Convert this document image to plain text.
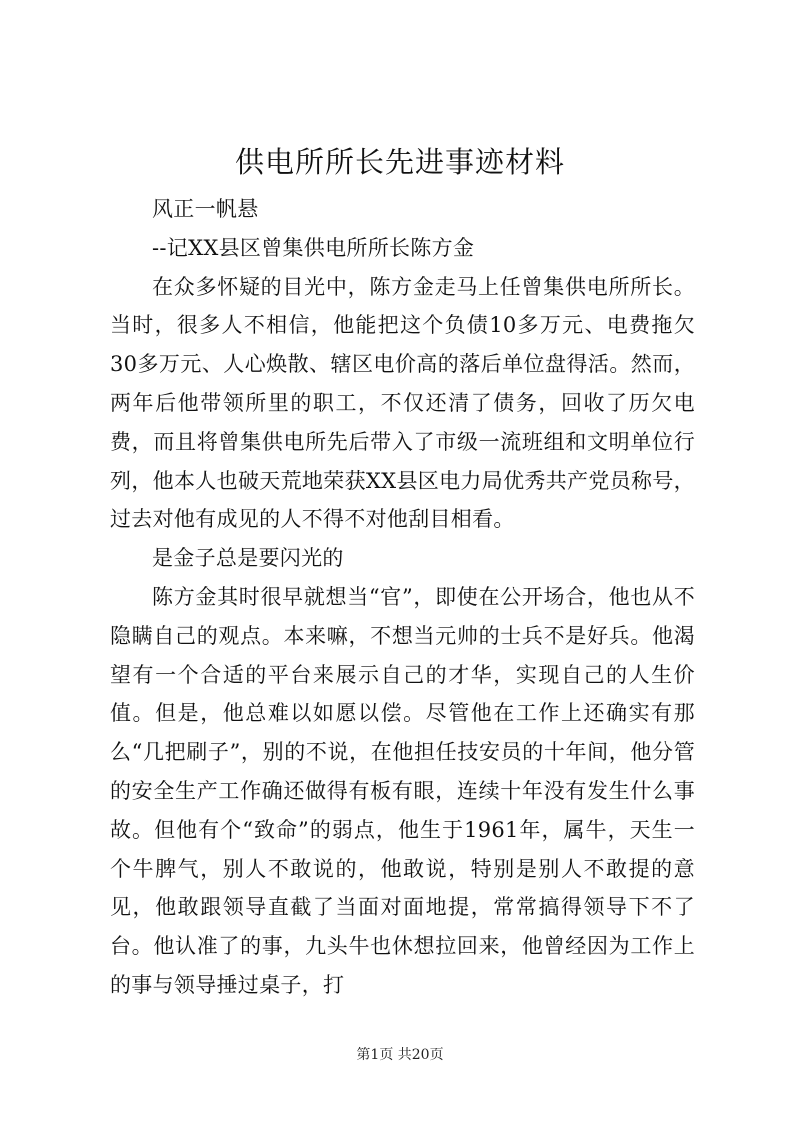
供电所所长先进事迹材料

风正一帆悬

--记XX县区曾集供电所所长陈方金

在众多怀疑的目光中，陈方金走马上任曾集供电所所长。当时，很多人不相信，他能把这个负债10多万元、电费拖欠30多万元、人心焕散、辖区电价高的落后单位盘得活。然而，两年后他带领所里的职工，不仅还清了债务，回收了历欠电费，而且将曾集供电所先后带入了市级一流班组和文明单位行列，他本人也破天荒地荣获XX县区电力局优秀共产党员称号，过去对他有成见的人不得不对他刮目相看。

是金子总是要闪光的

陈方金其时很早就想当“官”，即使在公开场合，他也从不隐瞒自己的观点。本来嘛，不想当元帅的士兵不是好兵。他渴望有一个合适的平台来展示自己的才华，实现自己的人生价值。但是，他总难以如愿以偿。尽管他在工作上还确实有那么“几把刷子”，别的不说，在他担任技安员的十年间，他分管的安全生产工作确还做得有板有眼，连续十年没有发生什么事故。但他有个“致命”的弱点，他生于1961年，属牛，天生一个牛脾气，别人不敢说的，他敢说，特别是别人不敢提的意见，他敢跟领导直截了当面对面地提，常常搞得领导下不了台。他认准了的事，九头牛也休想拉回来，他曾经因为工作上的事与领导捶过桌子，打

第1页 共20页
